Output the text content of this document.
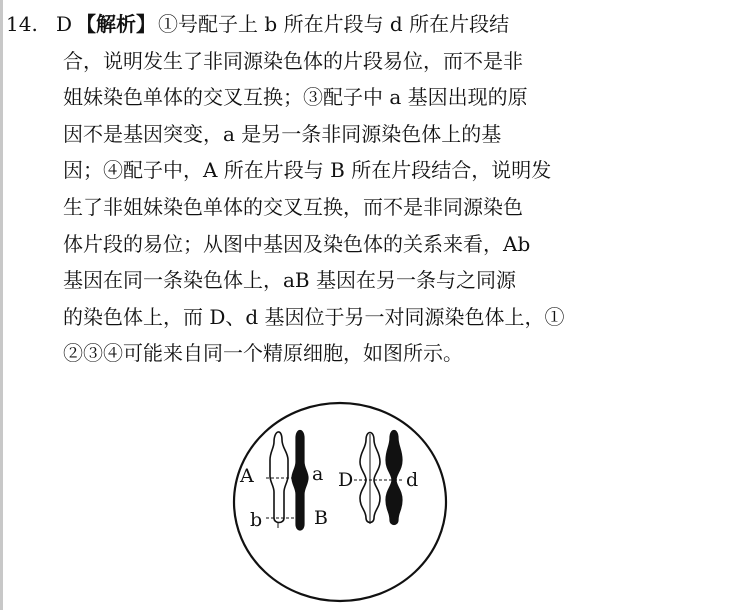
14. D 【解析】 ①号配子上 b 所在片段与 d 所在片段结
合，说明发生了非同源染色体的片段易位，而不是非
姐妹染色单体的交叉互换；③配子中 a 基因出现的原
因不是基因突变，a 是另一条非同源染色体上的基
因；④配子中，A 所在片段与 B 所在片段结合，说明发
生了非姐妹染色单体的交叉互换，而不是非同源染色
体片段的易位；从图中基因及染色体的关系来看，Ab
基因在同一条染色体上，aB 基因在另一条与之同源
的染色体上，而 D、d 基因位于另一对同源染色体上，①
②③④可能来自同一个精原细胞，如图所示。
A
b
a
B
D	d
